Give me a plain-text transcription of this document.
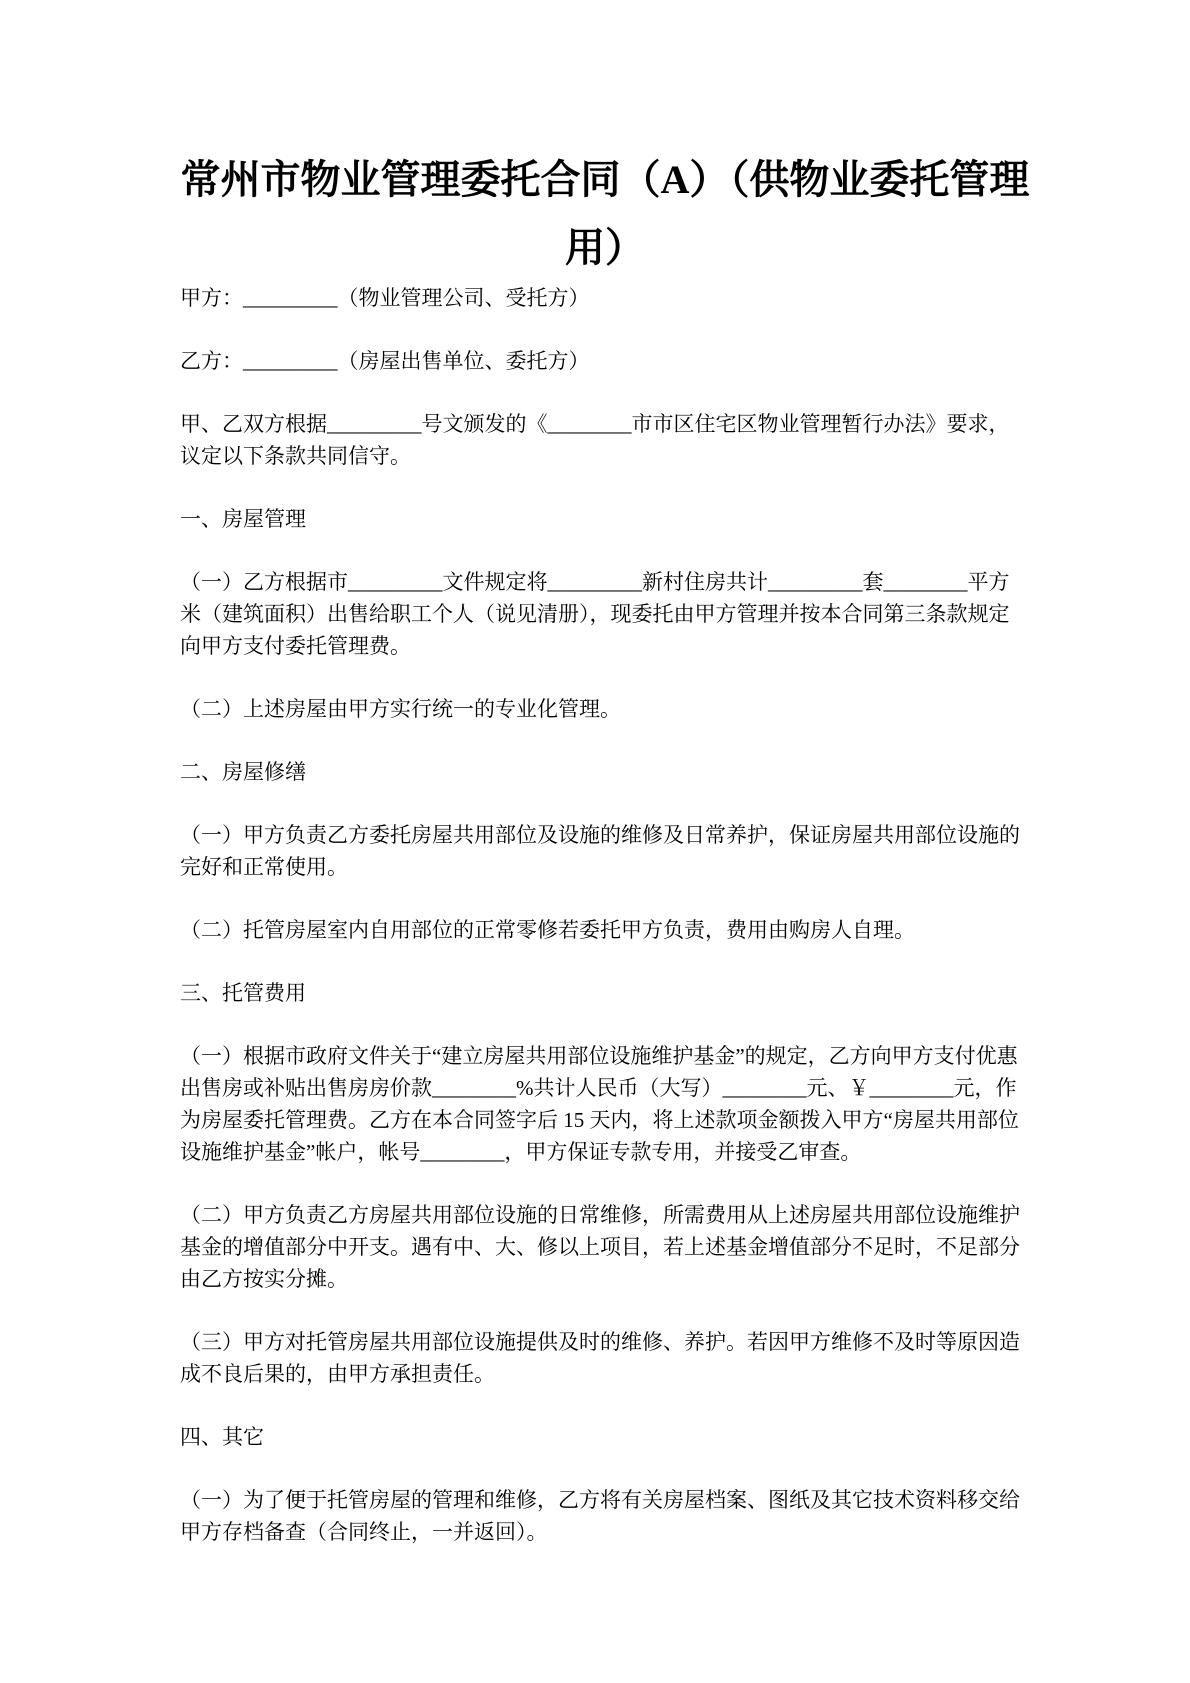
常州市物业管理委托合同（A）（供物业委托管理用）

甲方：_________（物业管理公司、受托方）

乙方：_________（房屋出售单位、委托方）

甲、乙双方根据_________号文颁发的《________市市区住宅区物业管理暂行办法》要求，议定以下条款共同信守。

一、房屋管理

（一）乙方根据市_________文件规定将_________新村住房共计_________套________平方米（建筑面积）出售给职工个人（说见清册），现委托由甲方管理并按本合同第三条款规定向甲方支付委托管理费。

（二）上述房屋由甲方实行统一的专业化管理。

二、房屋修缮

（一）甲方负责乙方委托房屋共用部位及设施的维修及日常养护，保证房屋共用部位设施的完好和正常使用。

（二）托管房屋室内自用部位的正常零修若委托甲方负责，费用由购房人自理。

三、托管费用

（一）根据市政府文件关于“建立房屋共用部位设施维护基金”的规定，乙方向甲方支付优惠出售房或补贴出售房房价款________%共计人民币（大写）________元、￥________元，作为房屋委托管理费。乙方在本合同签字后 15 天内，将上述款项金额拨入甲方“房屋共用部位设施维护基金”帐户，帐号________，甲方保证专款专用，并接受乙审查。

（二）甲方负责乙方房屋共用部位设施的日常维修，所需费用从上述房屋共用部位设施维护基金的增值部分中开支。遇有中、大、修以上项目，若上述基金增值部分不足时，不足部分由乙方按实分摊。

（三）甲方对托管房屋共用部位设施提供及时的维修、养护。若因甲方维修不及时等原因造成不良后果的，由甲方承担责任。

四、其它

（一）为了便于托管房屋的管理和维修，乙方将有关房屋档案、图纸及其它技术资料移交给甲方存档备查（合同终止，一并返回）。
